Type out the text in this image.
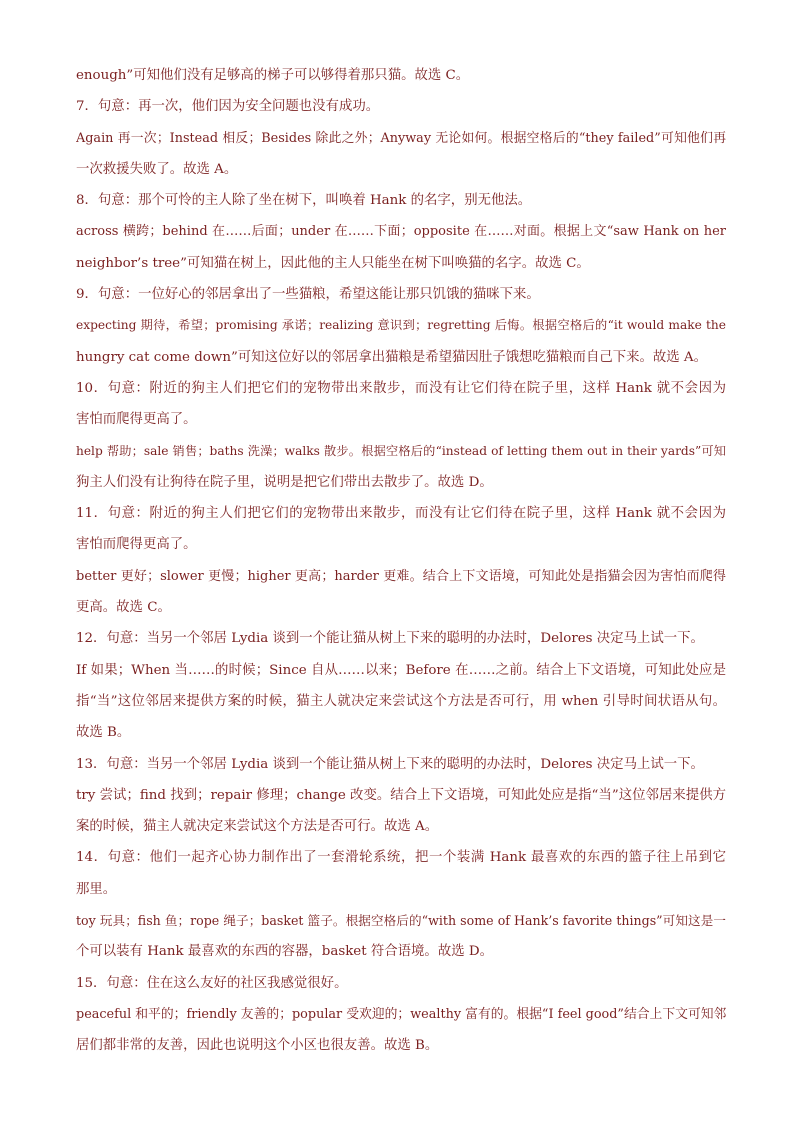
enough”可知他们没有足够高的梯子可以够得着那只猫。故选 C。
7．句意：再一次，他们因为安全问题也没有成功。
Again 再一次；Instead 相反；Besides 除此之外；Anyway 无论如何。根据空格后的“they failed”可知他们再
一次救援失败了。故选 A。
8．句意：那个可怜的主人除了坐在树下，叫唤着 Hank 的名字，别无他法。
across 横跨；behind 在……后面；under 在……下面；opposite 在……对面。根据上文“saw Hank on her
neighbor’s tree”可知猫在树上，因此他的主人只能坐在树下叫唤猫的名字。故选 C。
9．句意：一位好心的邻居拿出了一些猫粮，希望这能让那只饥饿的猫咪下来。
expecting 期待，希望；promising 承诺；realizing 意识到；regretting 后悔。根据空格后的“it would make the
hungry cat come down”可知这位好以的邻居拿出猫粮是希望猫因肚子饿想吃猫粮而自己下来。故选 A。
10．句意：附近的狗主人们把它们的宠物带出来散步，而没有让它们待在院子里，这样 Hank 就不会因为
害怕而爬得更高了。
help 帮助；sale 销售；baths 洗澡；walks 散步。根据空格后的“instead of letting them out in their yards”可知
狗主人们没有让狗待在院子里，说明是把它们带出去散步了。故选 D。
11．句意：附近的狗主人们把它们的宠物带出来散步，而没有让它们待在院子里，这样 Hank 就不会因为
害怕而爬得更高了。
better 更好；slower 更慢；higher 更高；harder 更难。结合上下文语境，可知此处是指猫会因为害怕而爬得
更高。故选 C。
12．句意：当另一个邻居 Lydia 谈到一个能让猫从树上下来的聪明的办法时，Delores 决定马上试一下。
If 如果；When 当……的时候；Since 自从……以来；Before 在……之前。结合上下文语境，可知此处应是
指“当”这位邻居来提供方案的时候，猫主人就决定来尝试这个方法是否可行，用 when 引导时间状语从句。
故选 B。
13．句意：当另一个邻居 Lydia 谈到一个能让猫从树上下来的聪明的办法时，Delores 决定马上试一下。
try 尝试；find 找到；repair 修理；change 改变。结合上下文语境，可知此处应是指“当”这位邻居来提供方
案的时候，猫主人就决定来尝试这个方法是否可行。故选 A。
14．句意：他们一起齐心协力制作出了一套滑轮系统，把一个装满 Hank 最喜欢的东西的篮子往上吊到它
那里。
toy 玩具；fish 鱼；rope 绳子；basket 篮子。根据空格后的“with some of Hank’s favorite things”可知这是一
个可以装有 Hank 最喜欢的东西的容器，basket 符合语境。故选 D。
15．句意：住在这么友好的社区我感觉很好。
peaceful 和平的；friendly 友善的；popular 受欢迎的；wealthy 富有的。根据“I feel good”结合上下文可知邻
居们都非常的友善，因此也说明这个小区也很友善。故选 B。
